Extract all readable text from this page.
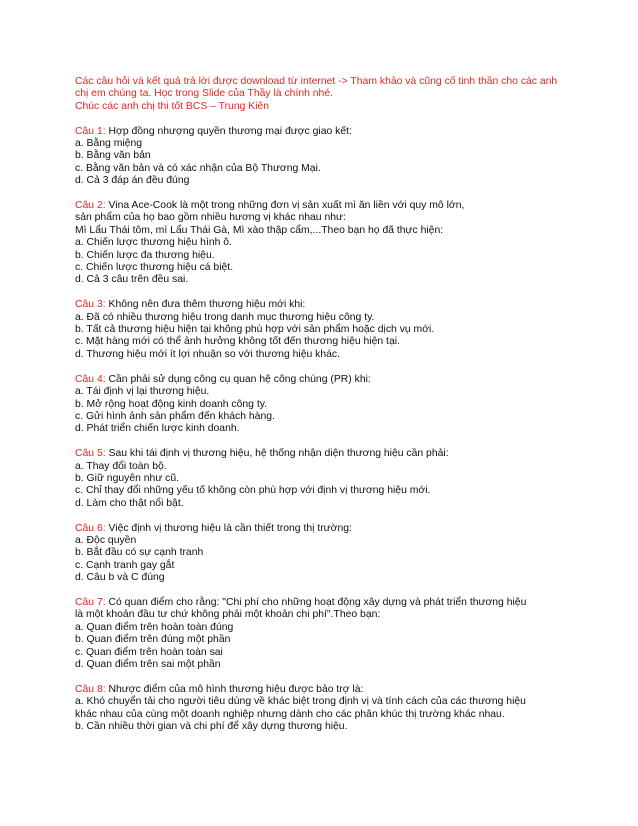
Các câu hỏi và kết quả trả lời được download từ internet -> Tham khảo và cũng cố tinh thần cho các anh
chị em chúng ta. Học trong Slide của Thầy là chính nhé.
Chúc các anh chị thi tốt BCS – Trung Kiên
Câu 1: Hợp đồng nhượng quyền thương mại được giao kết:
a. Bằng miệng
b. Bằng văn bản
c. Bằng văn bản và có xác nhận của Bộ Thương Mại.
d. Cả 3 đáp án đều đúng
Câu 2: Vina Ace-Cook là một trong những đơn vị sản xuất mì ăn liền với quy mô lớn,
sản phẩm của họ bao gồm nhiều hương vị khác nhau như:
Mì Lẩu Thái tôm, mì Lẩu Thái Gà, Mì xào thập cẩm,...Theo bạn họ đã thực hiện:
a. Chiến lược thương hiệu hình ô.
b. Chiến lược đa thương hiệu.
c. Chiến lược thương hiệu cá biệt.
d. Cả 3 câu trên đều sai.
Câu 3: Không nên đưa thêm thương hiệu mới khi:
a. Đã có nhiều thương hiệu trong danh mục thương hiệu công ty.
b. Tất cả thương hiệu hiện tại không phù hợp với sản phẩm hoặc dịch vụ mới.
c. Mặt hàng mới có thể ảnh hưởng không tốt đến thương hiệu hiện tại.
d. Thương hiệu mới ít lợi nhuận so với thương hiệu khác.
Câu 4: Cần phải sử dụng công cụ quan hệ công chúng (PR) khi:
a. Tái định vị lại thương hiệu.
b. Mở rộng hoạt động kinh doanh công ty.
c. Gửi hình ảnh sản phẩm đến khách hàng.
d. Phát triển chiến lược kinh doanh.
Câu 5: Sau khi tái định vị thương hiệu, hệ thống nhận diện thương hiệu cần phải:
a. Thay đổi toàn bộ.
b. Giữ nguyên như cũ.
c. Chỉ thay đổi những yếu tố không còn phù hợp với định vị thương hiệu mới.
d. Làm cho thật nổi bật.
Câu 6: Việc định vị thương hiệu là cần thiết trong thị trường:
a. Độc quyền
b. Bắt đầu có sự cạnh tranh
c. Cạnh tranh gay gắt
d. Câu b và C đúng
Câu 7: Có quan điểm cho rằng: "Chi phí cho những hoạt động xây dựng và phát triển thương hiệu
là một khoản đầu tư chứ không phải một khoản chi phí".Theo bạn:
a. Quan điểm trên hoàn toàn đúng
b. Quan điểm trên đúng một phần
c. Quan điểm trên hoàn toàn sai
d. Quan điểm trên sai một phần
Câu 8: Nhược điểm của mô hình thương hiệu được bảo trợ là:
a. Khó chuyển tải cho người tiêu dùng về khác biệt trong định vị và tính cách của các thương hiệu
khác nhau của cùng một doanh nghiệp nhưng dành cho các phân khúc thị trường khác nhau.
b. Cần nhiều thời gian và chi phí để xây dựng thương hiệu.
